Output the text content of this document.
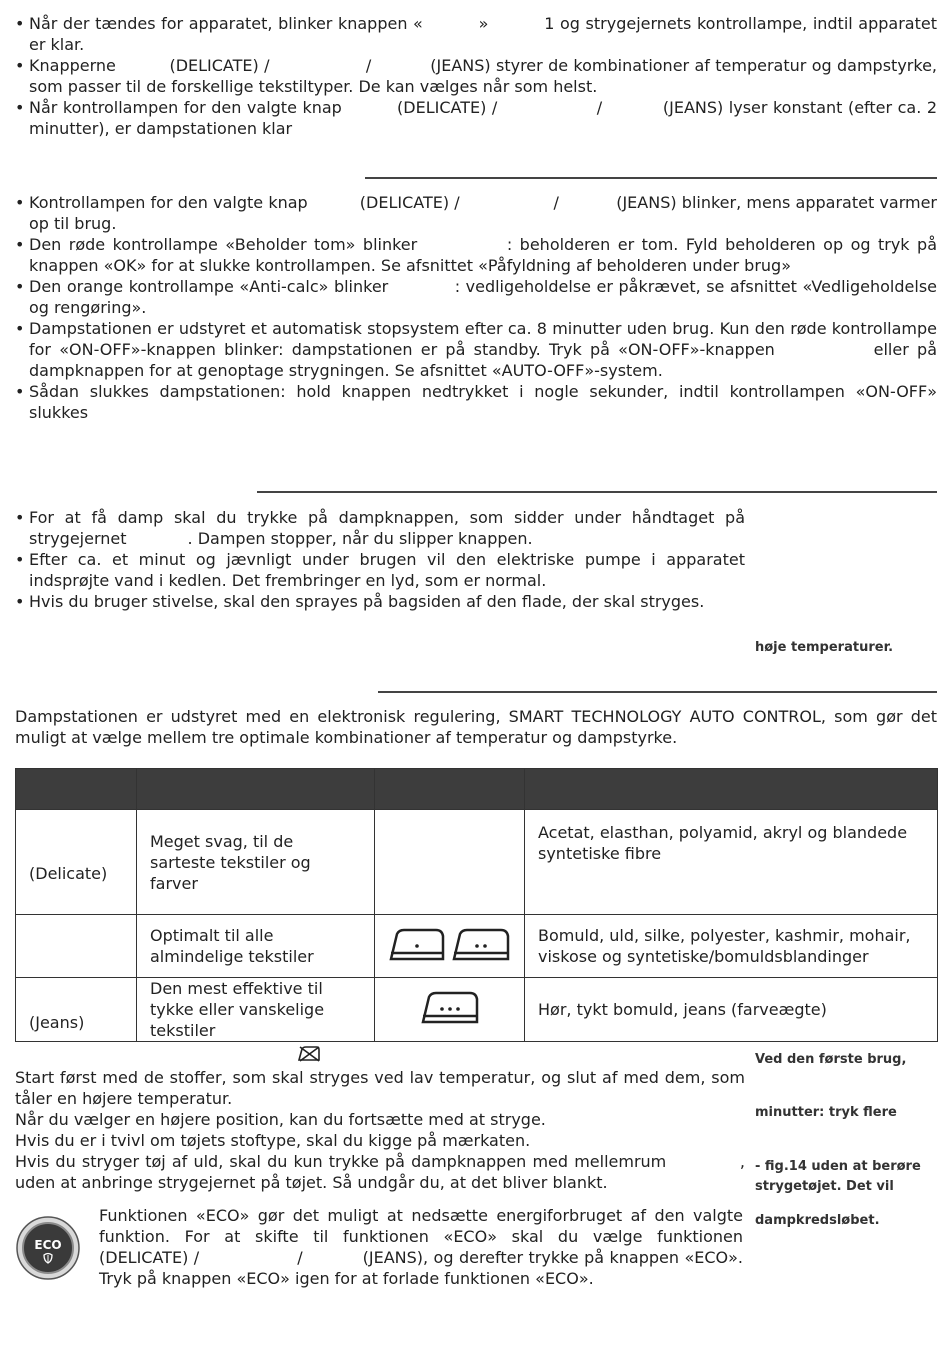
• Når der tændes for apparatet, blinker knappen «          »          1 og strygejernets kontrollampe, indtil apparatet er klar.
• Knapperne          (DELICATE) /                  /           (JEANS) styrer de kombinationer af temperatur og dampstyrke, som passer til de forskellige tekstiltyper. De kan vælges når som helst.
• Når kontrollampen for den valgte knap          (DELICATE) /                  /           (JEANS) lyser konstant (efter ca. 2 minutter), er dampstationen klar
• Kontrollampen for den valgte knap          (DELICATE) /                  /           (JEANS) blinker, mens apparatet varmer op til brug.
• Den røde kontrollampe «Beholder tom» blinker            : beholderen er tom. Fyld beholderen op og tryk på knappen «OK» for at slukke kontrollampen. Se afsnittet «Påfyldning af beholderen under brug»
• Den orange kontrollampe «Anti-calc» blinker            : vedligeholdelse er påkrævet, se afsnittet «Vedligeholdelse og rengøring».
• Dampstationen er udstyret et automatisk stopsystem efter ca. 8 minutter uden brug. Kun den røde kontrollampe for «ON-OFF»-knappen blinker: dampstationen er på standby. Tryk på «ON-OFF»-knappen            eller på dampknappen for at genoptage strygningen. Se afsnittet «AUTO-OFF»-system.
• Sådan slukkes dampstationen: hold knappen nedtrykket i nogle sekunder, indtil kontrollampen «ON-OFF» slukkes
• For at få damp skal du trykke på dampknappen, som sidder under håndtaget på strygejernet            . Dampen stopper, når du slipper knappen.
• Efter ca. et minut og jævnligt under brugen vil den elektriske pumpe i apparatet indsprøjte vand i kedlen. Det frembringer en lyd, som er normal.
• Hvis du bruger stivelse, skal den sprayes på bagsiden af den flade, der skal stryges.
høje temperaturer.

Dampstationen er udstyret med en elektronisk regulering, SMART TECHNOLOGY AUTO CONTROL, som gør det muligt at vælge mellem tre optimale kombinationer af temperatur og dampstyrke.

(Delicate)	Meget svag, til de sarteste tekstiler og farver		Acetat, elasthan, polyamid, akryl og blandede syntetiske fibre
	Optimalt til alle almindelige tekstiler		Bomuld, uld, silke, polyester, kashmir, mohair, viskose og syntetiske/bomuldsblandinger
(Jeans)	Den mest effektive til tykke eller vanskelige tekstiler		Hør, tykt bomuld, jeans (farveægte)
Start først med de stoffer, som skal stryges ved lav temperatur, og slut af med dem, som tåler en højere temperatur.
Når du vælger en højere position, kan du fortsætte med at stryge.
Hvis du er i tvivl om tøjets stoftype, skal du kigge på mærkaten.
Hvis du stryger tøj af uld, skal du kun trykke på dampknappen med mellemrum            , uden at anbringe strygejernet på tøjet. Så undgår du, at det bliver blankt.
Ved den første brug,
minutter: tryk flere
- fig.14 uden at berøre strygetøjet. Det vil
dampkredsløbet.
ECO

Funktionen «ECO» gør det muligt at nedsætte energiforbruget af den valgte funktion. For at skifte til funktionen «ECO» skal du vælge funktionen          (DELICATE) /                  /           (JEANS), og derefter trykke på knappen «ECO». Tryk på knappen «ECO» igen for at forlade funktionen «ECO».
